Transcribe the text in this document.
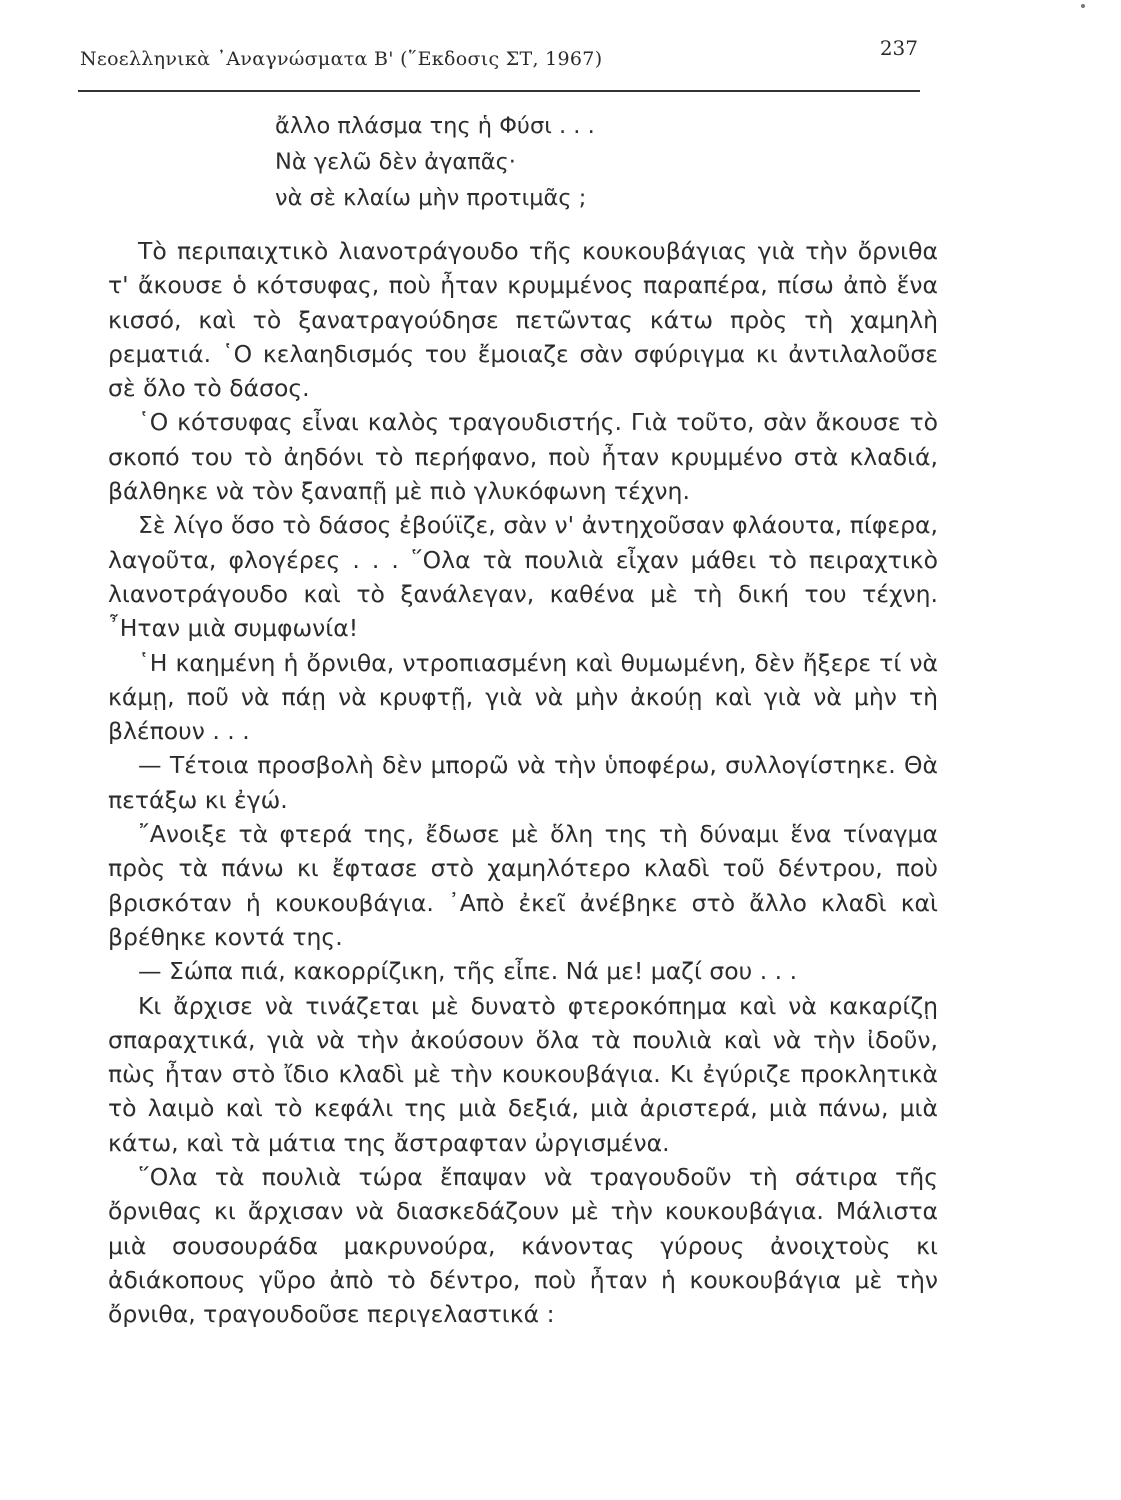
Νεοελληνικὰ ᾿Αναγνώσματα Β' (῞Εκδοσις ΣΤ, 1967)	237
ἄλλο πλάσμα της ἡ Φύσι . . .
Νὰ γελῶ δὲν ἀγαπᾶς·
νὰ σὲ κλαίω μὴν προτιμᾶς ;

Τὸ περιπαιχτικὸ λιανοτράγουδο τῆς κουκουβάγιας γιὰ τὴν ὄρνιθα τ' ἄκουσε ὁ κότσυφας, ποὺ ἦταν κρυμμένος παραπέρα, πίσω ἀπὸ ἕνα κισσό, καὶ τὸ ξανατραγούδησε πετῶντας κάτω πρὸς τὴ χαμηλὴ ρεματιά. ῾Ο κελαηδισμός του ἔμοιαζε σὰν σφύριγμα κι ἀντιλαλοῦσε σὲ ὅλο τὸ δάσος.

῾Ο κότσυφας εἶναι καλὸς τραγουδιστής. Γιὰ τοῦτο, σὰν ἄκουσε τὸ σκοπό του τὸ ἀηδόνι τὸ περήφανο, ποὺ ἦταν κρυμμένο στὰ κλαδιά, βάλθηκε νὰ τὸν ξαναπῇ μὲ πιὸ γλυκόφωνη τέχνη.

Σὲ λίγο ὅσο τὸ δάσος ἐβούϊζε, σὰν ν' ἀντηχοῦσαν φλάουτα, πίφερα, λαγοῦτα, φλογέρες . . . ῞Ολα τὰ πουλιὰ εἶχαν μάθει τὸ πειραχτικὸ λιανοτράγουδο καὶ τὸ ξανάλεγαν, καθένα μὲ τὴ δική του τέχνη. ῏Ηταν μιὰ συμφωνία!

῾Η καημένη ἡ ὄρνιθα, ντροπιασμένη καὶ θυμωμένη, δὲν ἤξερε τί νὰ κάμῃ, ποῦ νὰ πάῃ νὰ κρυφτῇ, γιὰ νὰ μὴν ἀκούῃ καὶ γιὰ νὰ μὴν τὴ βλέπουν . . .

— Τέτοια προσβολὴ δὲν μπορῶ νὰ τὴν ὑποφέρω, συλλογίστηκε. Θὰ πετάξω κι ἐγώ.

῎Ανοιξε τὰ φτερά της, ἔδωσε μὲ ὅλη της τὴ δύναμι ἕνα τίναγμα πρὸς τὰ πάνω κι ἔφτασε στὸ χαμηλότερο κλαδὶ τοῦ δέντρου, ποὺ βρισκόταν ἡ κουκουβάγια. ᾿Απὸ ἐκεῖ ἀνέβηκε στὸ ἄλλο κλαδὶ καὶ βρέθηκε κοντά της.

— Σώπα πιά, κακορρίζικη, τῆς εἶπε. Νά με! μαζί σου . . .

Κι ἄρχισε νὰ τινάζεται μὲ δυνατὸ φτεροκόπημα καὶ νὰ κακαρίζῃ σπαραχτικά, γιὰ νὰ τὴν ἀκούσουν ὅλα τὰ πουλιὰ καὶ νὰ τὴν ἰδοῦν, πὼς ἦταν στὸ ἴδιο κλαδὶ μὲ τὴν κουκουβάγια. Κι ἐγύριζε προκλητικὰ τὸ λαιμὸ καὶ τὸ κεφάλι της μιὰ δεξιά, μιὰ ἀριστερά, μιὰ πάνω, μιὰ κάτω, καὶ τὰ μάτια της ἄστραφταν ὠργισμένα.

῞Ολα τὰ πουλιὰ τώρα ἔπαψαν νὰ τραγουδοῦν τὴ σάτιρα τῆς ὄρνιθας κι ἄρχισαν νὰ διασκεδάζουν μὲ τὴν κουκουβάγια. Μάλιστα μιὰ σουσουράδα μακρυνούρα, κάνοντας γύρους ἀνοιχτοὺς κι ἀδιάκοπους γῦρο ἀπὸ τὸ δέντρο, ποὺ ἦταν ἡ κουκουβάγια μὲ τὴν ὄρνιθα, τραγουδοῦσε περιγελαστικά :
